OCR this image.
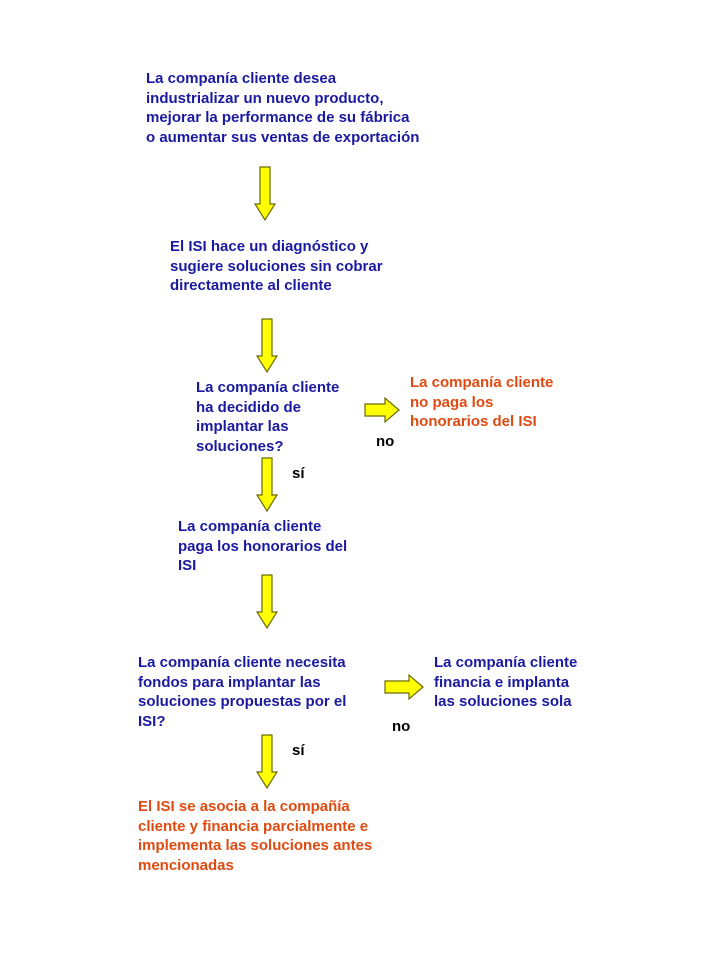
La companía cliente desea
industrializar un nuevo producto,
mejorar la performance de su fábrica
o aumentar sus ventas de exportación

El ISI hace un diagnóstico y
sugiere soluciones sin cobrar
directamente al cliente

La companía cliente
ha decidido de
implantar las
soluciones?

La companía cliente
no paga los
honorarios del ISI

La companía cliente
paga los honorarios del
ISI

La companía cliente necesita
fondos para implantar las
soluciones propuestas por el
ISI?

La companía cliente
financia e implanta
las soluciones sola

El ISI se asocia a la compañía
cliente y financia parcialmente e
implementa las soluciones antes
mencionadas

no
sí
no
sí
